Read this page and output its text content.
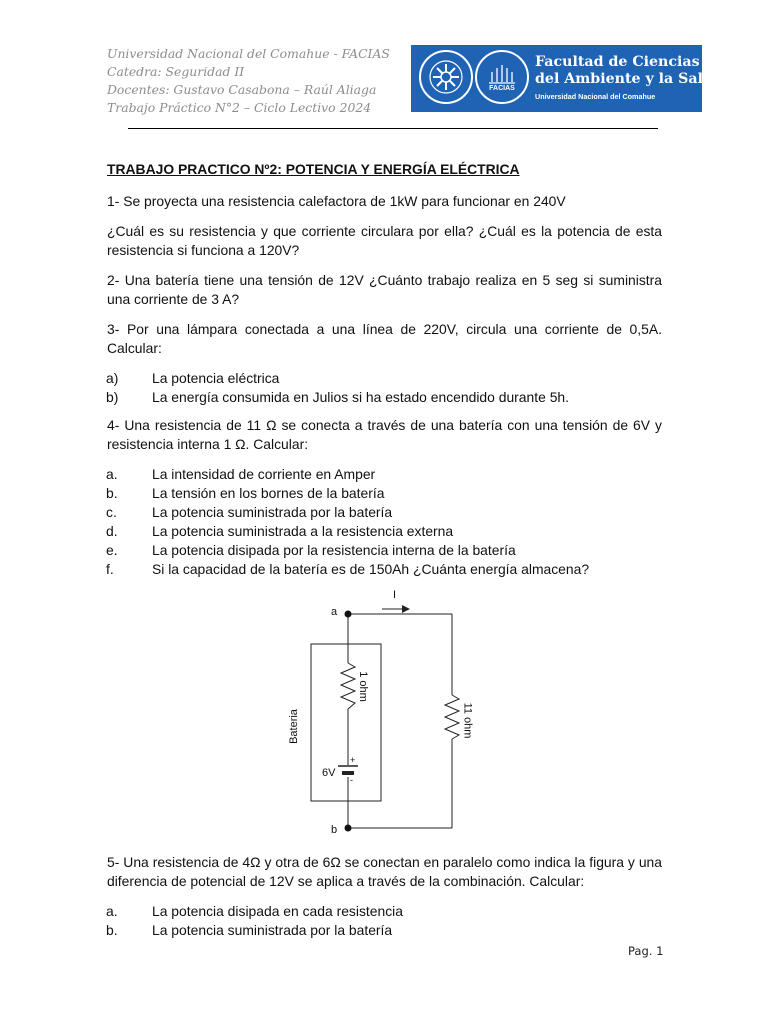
Universidad Nacional del Comahue - FACIAS
Catedra: Seguridad II
Docentes: Gustavo Casabona – Raúl Aliaga
Trabajo Práctico N°2 – Ciclo Lectivo 2024
FACIAS
Facultad de Ciencias
del Ambiente y la Salud
Universidad Nacional del Comahue
TRABAJO PRACTICO Nº2: POTENCIA Y ENERGÍA ELÉCTRICA

1- Se proyecta una resistencia calefactora de 1kW para funcionar en 240V

¿Cuál es su resistencia y que corriente circulara por ella? ¿Cuál es la potencia de esta resistencia si funciona a 120V?

2- Una batería tiene una tensión de 12V ¿Cuánto trabajo realiza en 5 seg si suministra una corriente de 3 A?

3- Por una lámpara conectada a una línea de 220V, circula una corriente de 0,5A. Calcular:

a) La potencia eléctrica
b) La energía consumida en Julios si ha estado encendido durante 5h.

4- Una resistencia de 11 Ω se conecta a través de una batería con una tensión de 6V y resistencia interna 1 Ω. Calcular:

a. La intensidad de corriente en Amper
b. La tensión en los bornes de la batería
c.	La potencia suministrada por la batería
d. La potencia suministrada a la resistencia externa
e. La potencia disipada por la resistencia interna de la batería
f.	Si la capacidad de la batería es de 150Ah ¿Cuánta energía almacena?
a
b
I
1 ohm
11 ohm
Bateria
6V
+
-

5- Una resistencia de 4Ω y otra de 6Ω se conectan en paralelo como indica la figura y una diferencia de potencial de 12V se aplica a través de la combinación. Calcular:

a. La potencia disipada en cada resistencia
b. La potencia suministrada por la batería
Pag. 1
